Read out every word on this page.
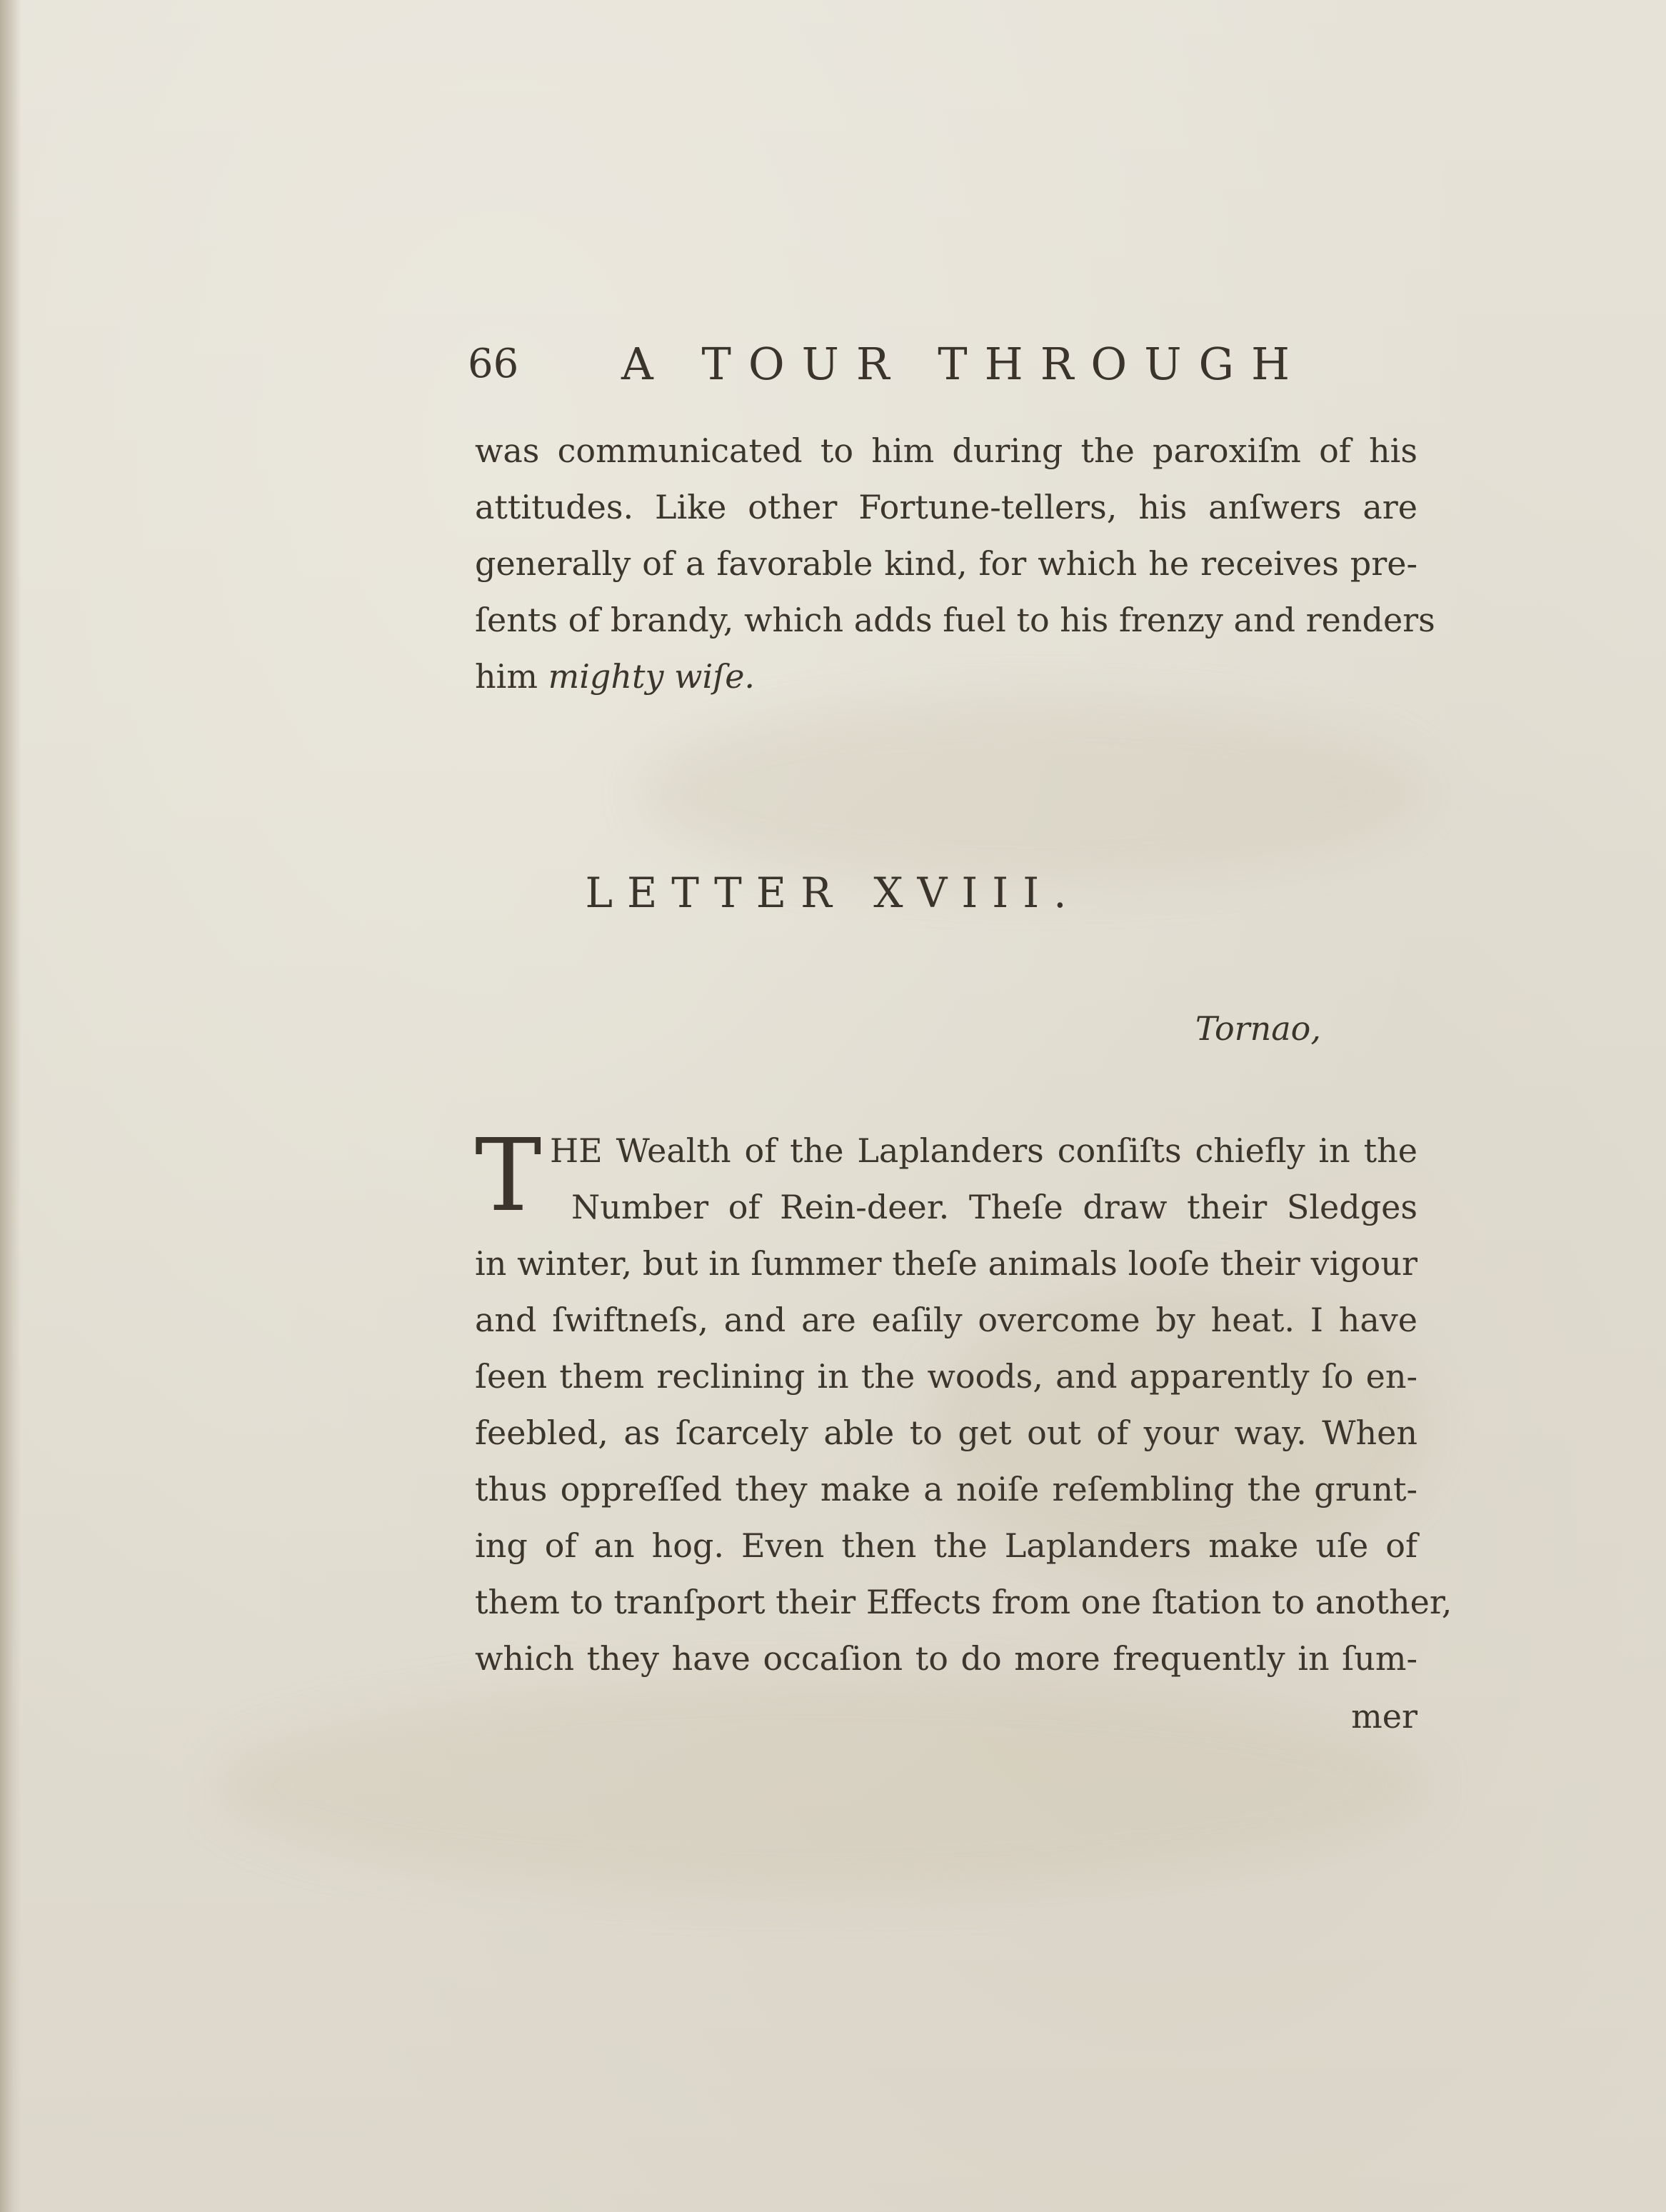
66 A TOUR THROUGH
was communicated to him during the paroxiſm of his
attitudes. Like other Fortune-tellers, his anſwers are
generally of a favorable kind, for which he receives pre-
ſents of brandy, which adds fuel to his frenzy and renders
him mighty wiſe.
LETTER XVIII.
Tornao,
T HE Wealth of the Laplanders conſiſts chiefly in the
Number of Rein-deer. Theſe draw their Sledges
in winter, but in ſummer theſe animals looſe their vigour
and ſwiftneſs, and are eaſily overcome by heat. I have
ſeen them reclining in the woods, and apparently ſo en-
feebled, as ſcarcely able to get out of your way. When
thus oppreſſed they make a noiſe reſembling the grunt-
ing of an hog. Even then the Laplanders make uſe of
them to tranſport their Effects from one ſtation to another,
which they have occaſion to do more frequently in ſum-
mer
